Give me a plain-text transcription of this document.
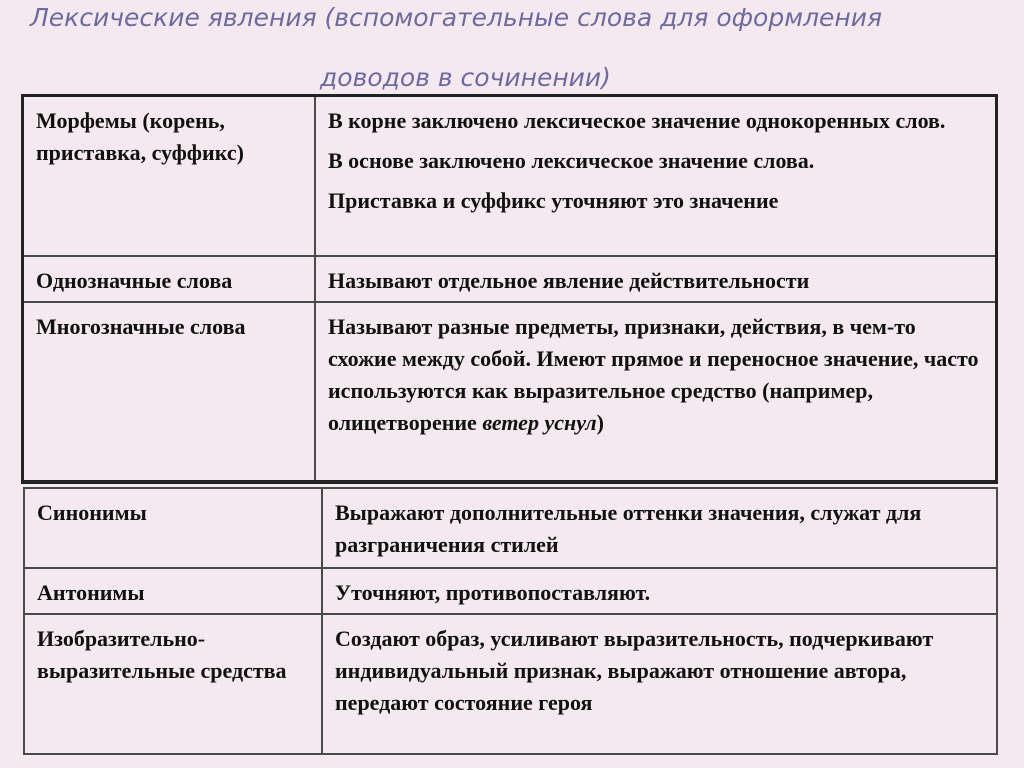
Лексические явления (вспомогательные слова для оформления
доводов в сочинении)
Морфемы (корень, приставка, суффикс)	В корне заключено лексическое значение однокоренных слов.

В основе заключено лексическое значение слова.

Приставка и суффикс уточняют это значение

Однозначные слова	Называют отдельное явление действительности
Многозначные слова	Называют разные предметы, признаки, действия, в чем-то схожие между собой. Имеют прямое и переносное значение, часто используются как выразительное средство (например, олицетворение ветер уснул)
Синонимы	Выражают дополнительные оттенки значения, служат для разграничения стилей
Антонимы	Уточняют, противопоставляют.
Изобразительно-выразительные средства	Создают образ, усиливают выразительность, подчеркивают индивидуальный признак, выражают отношение автора, передают состояние героя
